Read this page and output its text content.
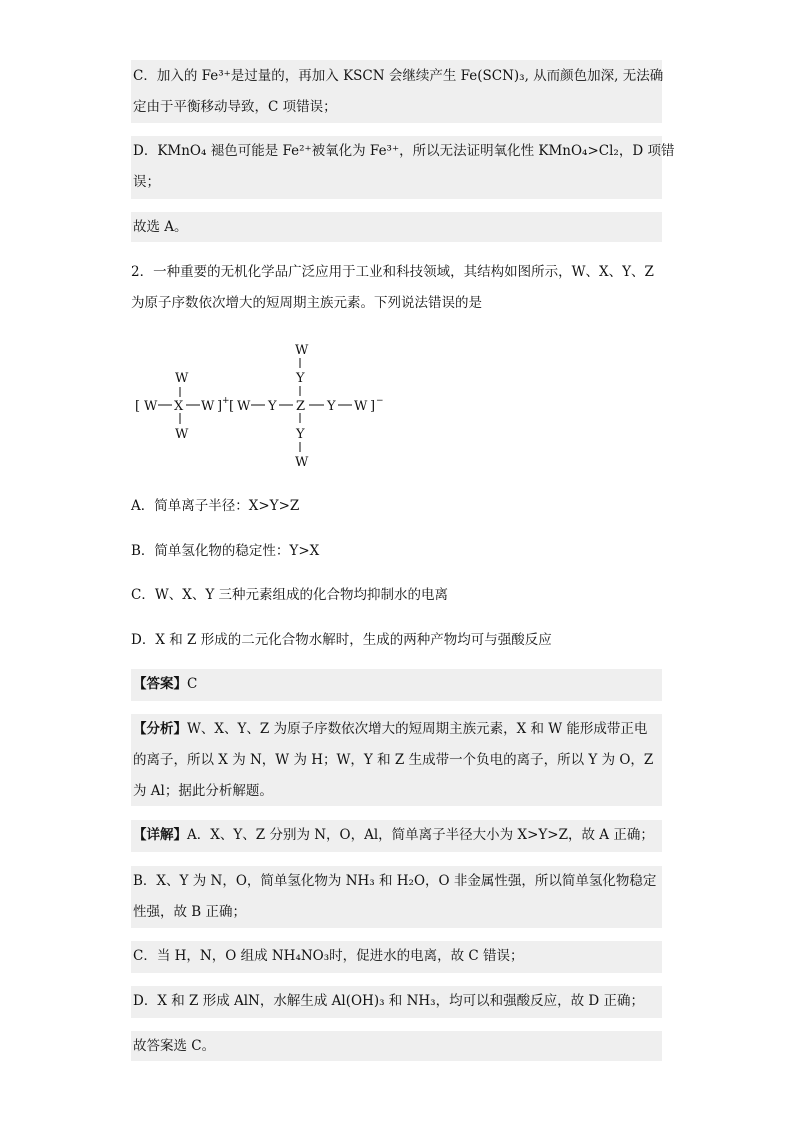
C．加入的 Fe³⁺是过量的，再加入 KSCN 会继续产生 Fe(SCN)₃, 从而颜色加深, 无法确
定由于平衡移动导致，C 项错误；
D．KMnO₄ 褪色可能是 Fe²⁺被氧化为 Fe³⁺，所以无法证明氧化性 KMnO₄>Cl₂，D 项错
误；
故选 A。
2．一种重要的无机化学品广泛应用于工业和科技领域，其结构如图所示，W、X、Y、Z
为原子序数依次增大的短周期主族元素。下列说法错误的是
[ W X W ] +
W
W
[ W Y Z Y W ] −
W
Y
Y
W
A．简单离子半径：X>Y>Z
B．简单氢化物的稳定性：Y>X
C．W、X、Y 三种元素组成的化合物均抑制水的电离
D．X 和 Z 形成的二元化合物水解时，生成的两种产物均可与强酸反应
【答案】C
【分析】W、X、Y、Z 为原子序数依次增大的短周期主族元素，X 和 W 能形成带正电
的离子，所以 X 为 N，W 为 H；W，Y 和 Z 生成带一个负电的离子，所以 Y 为 O，Z
为 Al；据此分析解题。
【详解】A．X、Y、Z 分别为 N，O，Al，简单离子半径大小为 X>Y>Z，故 A 正确；
B．X、Y 为 N，O，简单氢化物为 NH₃ 和 H₂O，O 非金属性强，所以简单氢化物稳定
性强，故 B 正确；
C．当 H，N，O 组成 NH₄NO₃时，促进水的电离，故 C 错误；
D．X 和 Z 形成 AlN，水解生成 Al(OH)₃ 和 NH₃，均可以和强酸反应，故 D 正确；
故答案选 C。
